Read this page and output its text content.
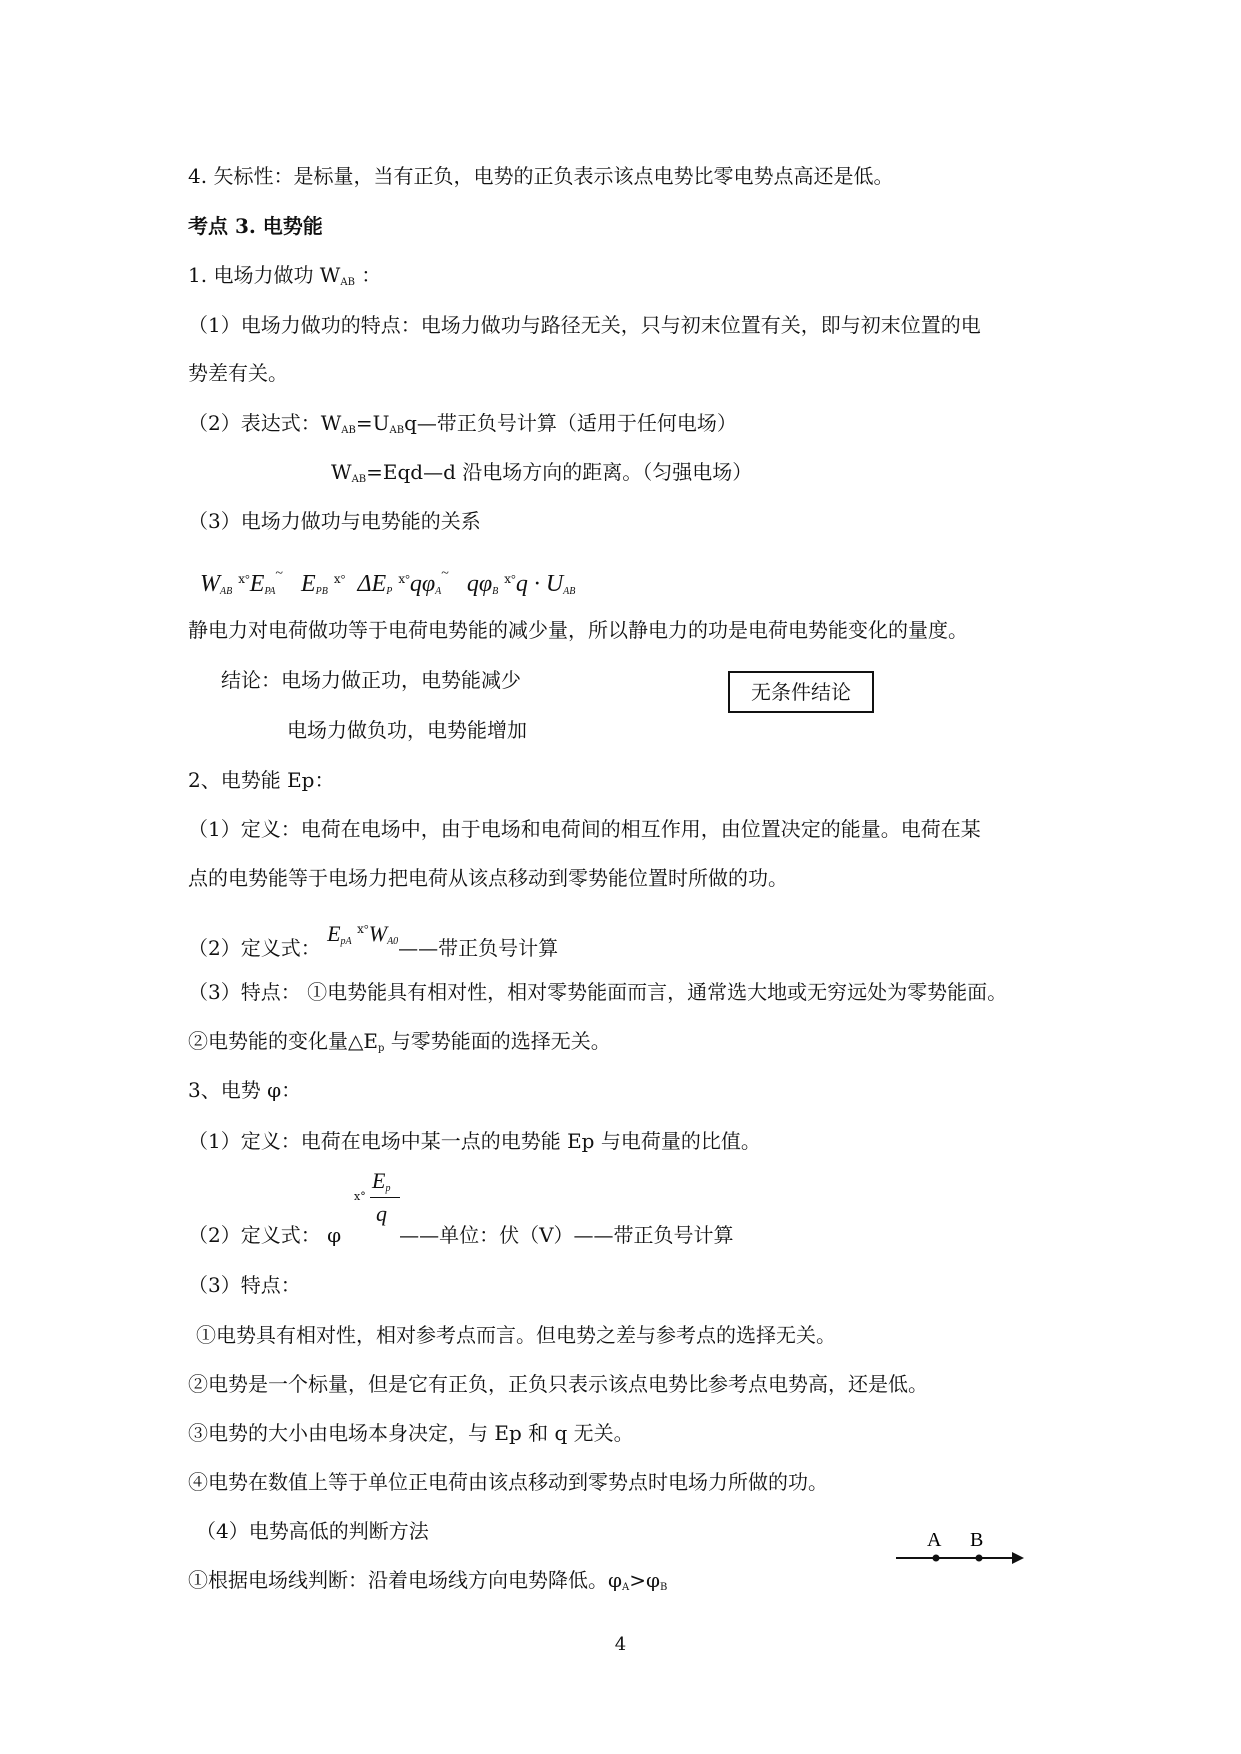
4. 矢标性：是标量，当有正负，电势的正负表示该点电势比零电势点高还是低。
考点 3. 电势能
1. 电场力做功 $W_{AB}$ ：
（1）电场力做功的特点：电场力做功与路径无关，只与初末位置有关，即与初末位置的电
势差有关。
（2）表达式：$W_{AB}=U_{AB}q—$带正负号计算（适用于任何电场）
$W_{AB}=Eqd—d$ 沿电场方向的距离。（匀强电场）
（3）电场力做功与电势能的关系
$W_{AB}$ $^{ⅹ^\circ}E_{PA}^\sim$ $E_{PB}$ $^{ⅹ^\circ}$ $\Delta E_P$ $^{ⅹ^\circ}q\varphi_A^\sim$ $q\varphi_B$ $^{ⅹ^\circ}q \cdot U_{AB}$
静电力对电荷做功等于电荷电势能的减少量，所以静电力的功是电荷电势能变化的量度。
结论：电场力做正功，电势能减少
电场力做负功，电势能增加
无条件结论
2、电势能 Ep：
（1）定义：电荷在电场中，由于电场和电荷间的相互作用，由位置决定的能量。电荷在某
点的电势能等于电场力把电荷从该点移动到零势能位置时所做的功。
（2）定义式： $E_{pA}$ $^{ⅹ^\circ}W_{A0}——$带正负号计算
（3）特点： ①电势能具有相对性，相对零势能面而言，通常选大地或无穷远处为零势能面。
②电势能的变化量$\triangle E_p$ 与零势能面的选择无关。
3、电势 φ：
（1）定义：电荷在电场中某一点的电势能 Ep 与电荷量的比值。
ⅹ°
$E_p$
q
（2）定义式： φ	——单位：伏（V）——带正负号计算
（3）特点：
①电势具有相对性，相对参考点而言。但电势之差与参考点的选择无关。
②电势是一个标量，但是它有正负，正负只表示该点电势比参考点电势高，还是低。
③电势的大小由电场本身决定，与 Ep 和 q 无关。
④电势在数值上等于单位正电荷由该点移动到零势点时电场力所做的功。
（4）电势高低的判断方法
①根据电场线判断：沿着电场线方向电势降低。$\varphi_A>\varphi_B$
A B
4
